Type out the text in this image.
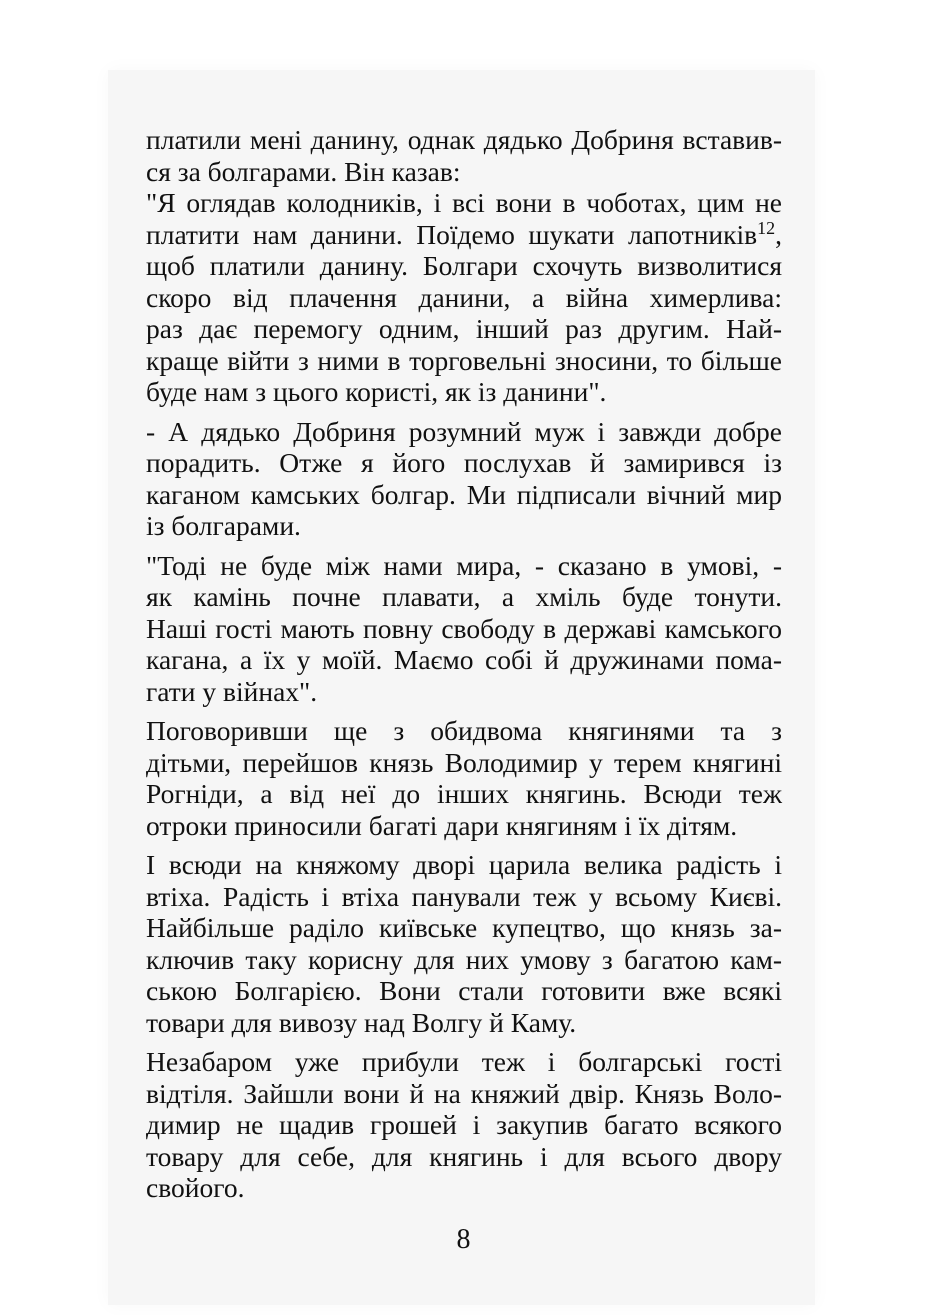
платили мені данину, однак дядько Добриня вставив-
ся за болгарами. Він казав:
"Я оглядав колодників, і всі вони в чоботах, цим не
платити нам данини. Поїдемо шукати лапотників$^{12}$,
щоб платили данину. Болгари схочуть визволитися
скоро від плачення данини, а війна химерлива:
раз дає перемогу одним, інший раз другим. Най-
краще війти з ними в торговельні зносини, то більше
буде нам з цього користі, як із данини".
- А дядько Добриня розумний муж і завжди добре
порадить. Отже я його послухав й замирився із
каганом камських болгар. Ми підписали вічний мир
із болгарами.
"Тоді не буде між нами мира, - сказано в умові, -
як камінь почне плавати, а хміль буде тонути.
Наші гості мають повну свободу в державі камського
кагана, а їх у моїй. Маємо собі й дружинами пома-
гати у війнах".
Поговоривши ще з обидвома княгинями та з
дітьми, перейшов князь Володимир у терем княгині
Рогніди, а від неї до інших княгинь. Всюди теж
отроки приносили багаті дари княгиням і їх дітям.
І всюди на княжому дворі царила велика радість і
втіха. Радість і втіха панували теж у всьому Києві.
Найбільше раділо київське купецтво, що князь за-
ключив таку корисну для них умову з багатою кам-
ською Болгарією. Вони стали готовити вже всякі
товари для вивозу над Волгу й Каму.
Незабаром уже прибули теж і болгарські гості
відтіля. Зайшли вони й на княжий двір. Князь Воло-
димир не щадив грошей і закупив багато всякого
товару для себе, для княгинь і для всього двору
свойого.
8
